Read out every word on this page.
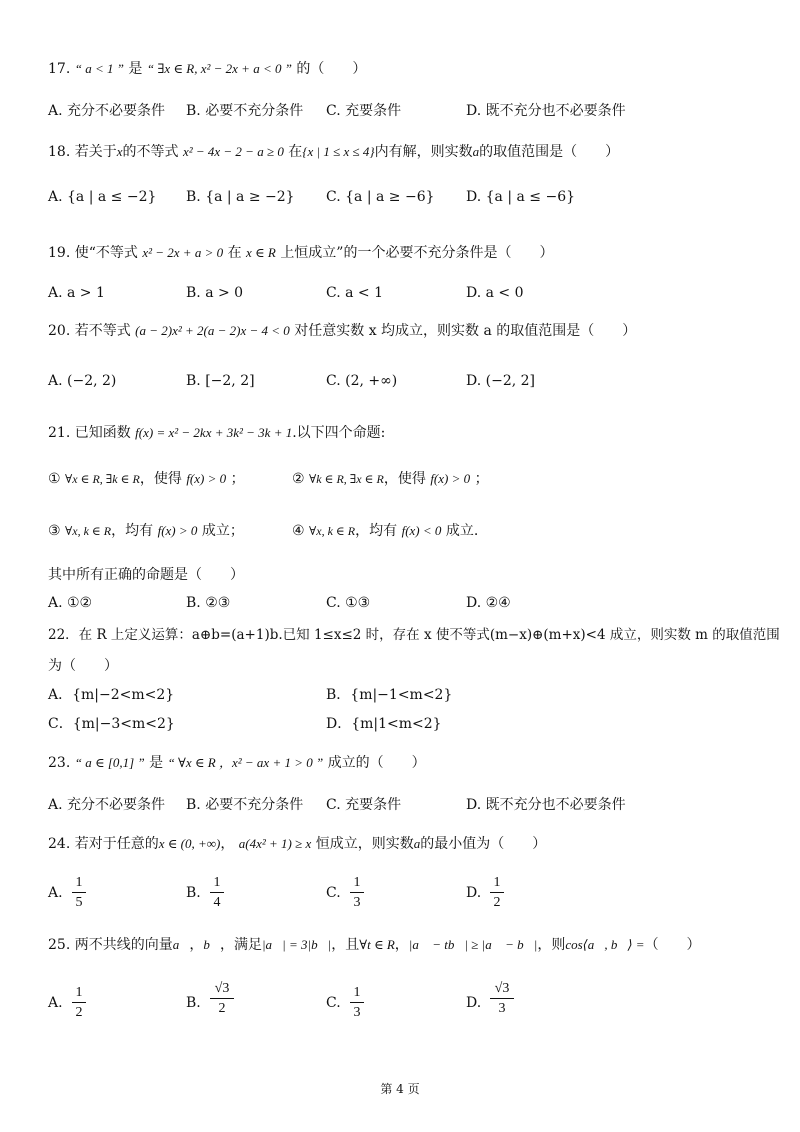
17. “ a < 1 ” 是 “ ∃x ∈ R, x² − 2x + a < 0 ” 的（　　）
A. 充分不必要条件 B. 必要不充分条件 C. 充要条件	D. 既不充分也不必要条件
18. 若关于x的不等式 x² − 4x − 2 − a ≥ 0 在{x | 1 ≤ x ≤ 4}内有解，则实数a的取值范围是（　　）
A. {a | a ≤ −2} B. {a | a ≥ −2} C. {a | a ≥ −6} D. {a | a ≤ −6}
19. 使“不等式 x² − 2x + a > 0 在 x ∈ R 上恒成立”的一个必要不充分条件是（　　）
A. a > 1	B. a > 0	C. a < 1	D. a < 0
20. 若不等式 (a − 2)x² + 2(a − 2)x − 4 < 0 对任意实数 x 均成立，则实数 a 的取值范围是（　　）
A. (−2, 2)	B. [−2, 2]	C. (2, +∞)	D. (−2, 2]
21. 已知函数 f(x) = x² − 2kx + 3k² − 3k + 1.以下四个命题:
① ∀x ∈ R, ∃k ∈ R，使得 f(x) > 0 ；	② ∀k ∈ R, ∃x ∈ R，使得 f(x) > 0 ；
③ ∀x, k ∈ R，均有 f(x) > 0 成立；	④ ∀x, k ∈ R，均有 f(x) < 0 成立.
其中所有正确的命题是（　　）
A. ①②	B. ②③	C. ①③	D. ②④
22．在 R 上定义运算：a⊕b=(a+1)b.已知 1≤x≤2 时，存在 x 使不等式(m−x)⊕(m+x)<4 成立，则实数 m 的取值范围
为（　　）
A．{m|−2<m<2}	B．{m|−1<m<2}
C．{m|−3<m<2}	D．{m|1<m<2}
23. “ a ∈ [0,1] ” 是 “ ∀x ∈ R ，x² − ax + 1 > 0 ” 成立的（　　）
A. 充分不必要条件 B. 必要不充分条件 C. 充要条件	D. 既不充分也不必要条件
24. 若对于任意的x ∈ (0, +∞)， a(4x² + 1) ≥ x 恒成立，则实数a的最小值为（　　）
A.
1
5
B.
1
4
C.
1
3
D.
1
2
25. 两不共线的向量a⃗，b⃗，满足|a⃗| = 3|b⃗|，且∀t ∈ R，|a⃗ − tb⃗| ≥ |a⃗ − b⃗|，则cos⟨a⃗, b⃗⟩ =（　　）
A.
1
2
B.
√3
2	C.
1
3
D.
√3
3
第 4 页
